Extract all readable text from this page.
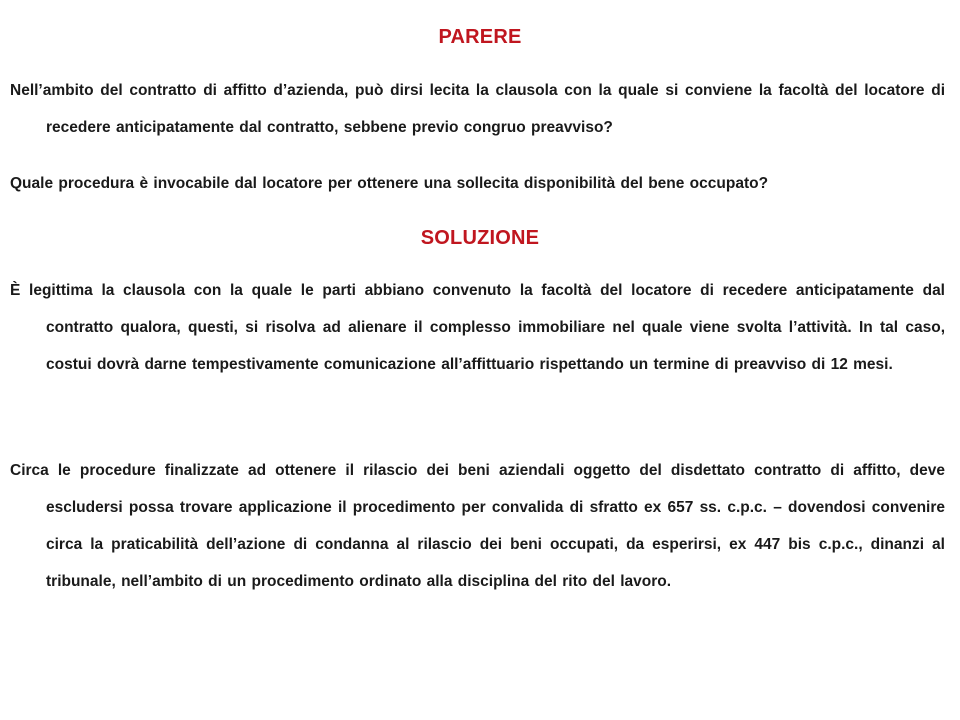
PARERE
Nell’ambito del contratto di affitto d’azienda, può dirsi lecita la clausola con la quale si conviene la facoltà del locatore di recedere anticipatamente dal contratto, sebbene previo congruo preavviso?
Quale procedura è invocabile dal locatore per ottenere una sollecita disponibilità del bene occupato?
SOLUZIONE
È legittima la clausola con la quale le parti abbiano convenuto la facoltà del locatore di recedere anticipatamente dal contratto qualora, questi, si risolva ad alienare il complesso immobiliare nel quale viene svolta l’attività. In tal caso, costui dovrà darne tempestivamente comunicazione all’affittuario rispettando un termine di preavviso di 12 mesi.
Circa le procedure finalizzate ad ottenere il rilascio dei beni aziendali oggetto del disdettato contratto di affitto, deve escludersi possa trovare applicazione il procedimento per convalida di sfratto ex 657 ss. c.p.c. – dovendosi convenire circa la praticabilità dell’azione di condanna al rilascio dei beni occupati, da esperirsi, ex 447 bis c.p.c., dinanzi al tribunale, nell’ambito di un procedimento ordinato alla disciplina del rito del lavoro.
